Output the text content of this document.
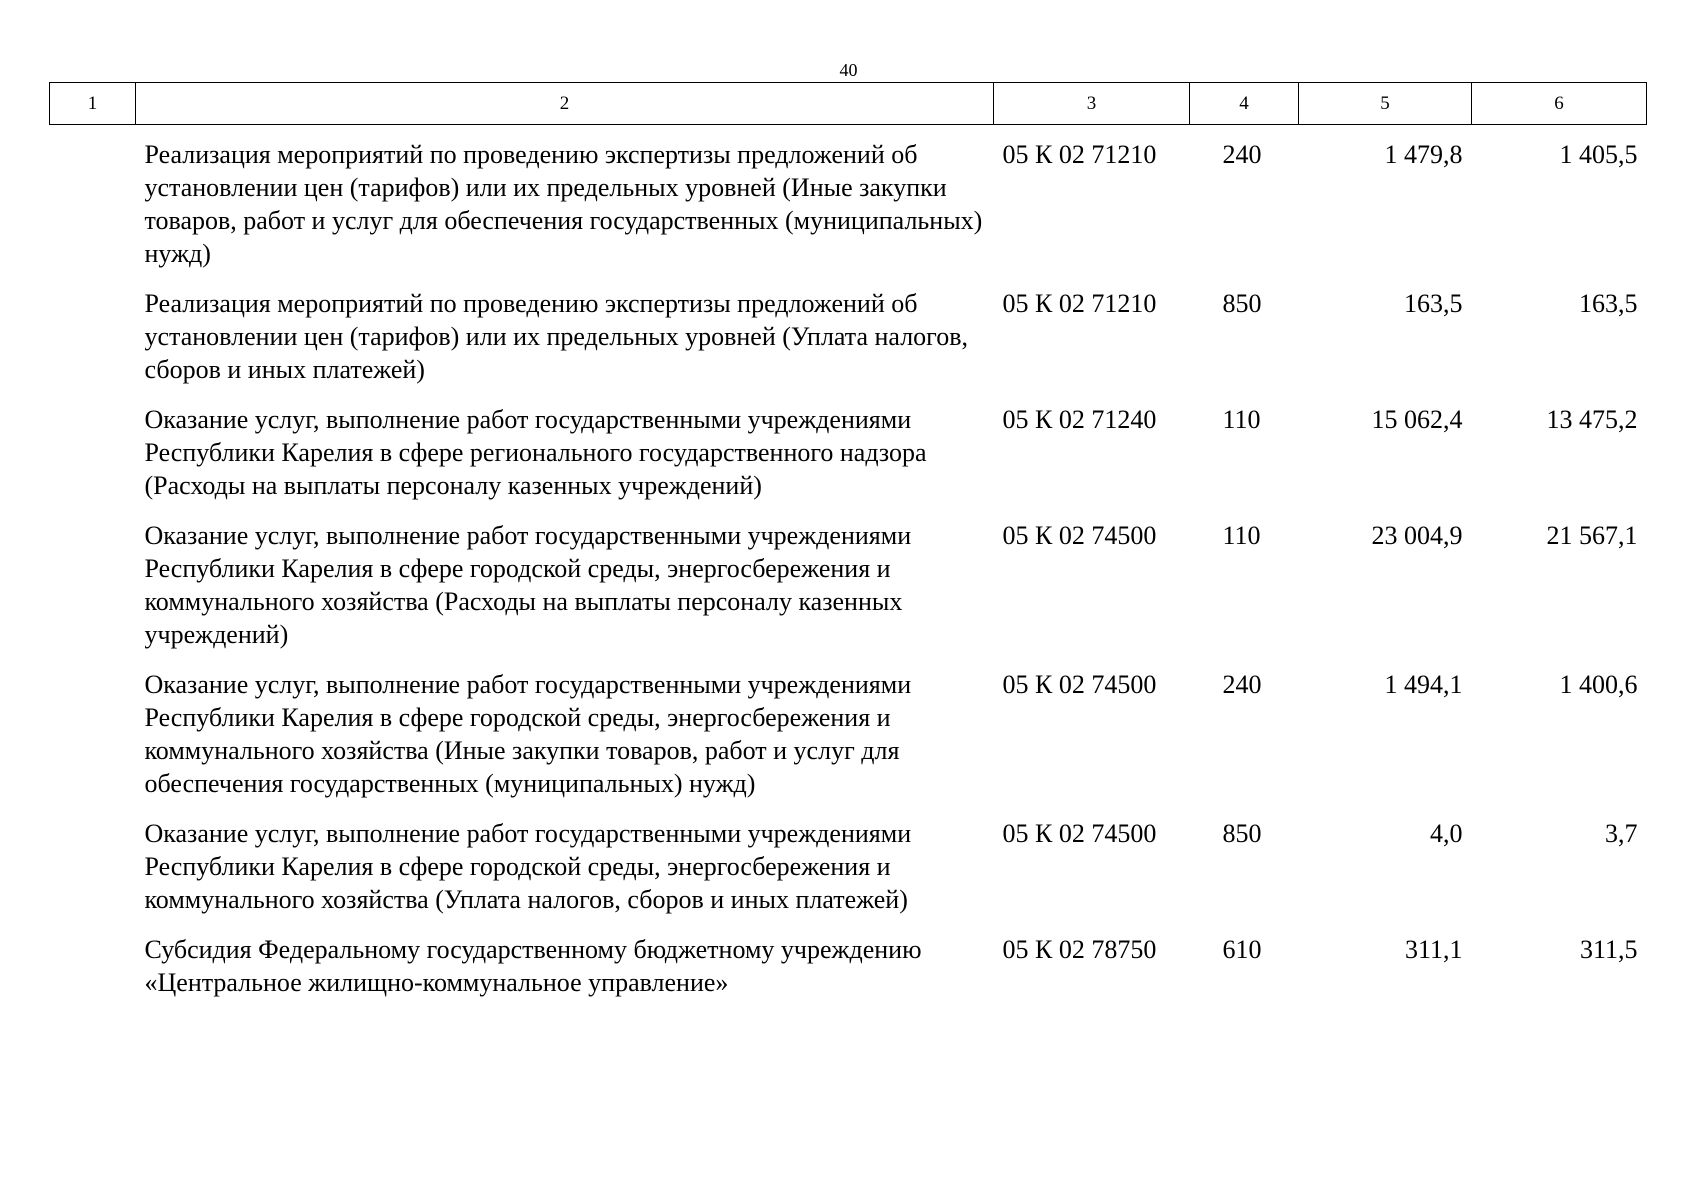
40
1	2	3	4	5	6
	Реализация мероприятий по проведению экспертизы предложений об установлении цен (тарифов) или их предельных уровней (Иные закупки товаров, работ и услуг для обеспечения государственных (муниципальных) нужд)	05 К 02 71210	240	1 479,8	1 405,5
	Реализация мероприятий по проведению экспертизы предложений об установлении цен (тарифов) или их предельных уровней (Уплата налогов, сборов и иных платежей)	05 К 02 71210	850	163,5	163,5
	Оказание услуг, выполнение работ государственными учреждениями Республики Карелия в сфере регионального государственного надзора (Расходы на выплаты персоналу казенных учреждений)	05 К 02 71240	110	15 062,4	13 475,2
	Оказание услуг, выполнение работ государственными учреждениями Республики Карелия в сфере городской среды, энергосбережения и коммунального хозяйства (Расходы на выплаты персоналу казенных учреждений)	05 К 02 74500	110	23 004,9	21 567,1
	Оказание услуг, выполнение работ государственными учреждениями Республики Карелия в сфере городской среды, энергосбережения и коммунального хозяйства (Иные закупки товаров, работ и услуг для обеспечения государственных (муниципальных) нужд)	05 К 02 74500	240	1 494,1	1 400,6
	Оказание услуг, выполнение работ государственными учреждениями Республики Карелия в сфере городской среды, энергосбережения и коммунального хозяйства (Уплата налогов, сборов и иных платежей)	05 К 02 74500	850	4,0	3,7
	Субсидия Федеральному государственному бюджетному учреждению «Центральное жилищно-коммунальное управление»	05 К 02 78750	610	311,1	311,5
